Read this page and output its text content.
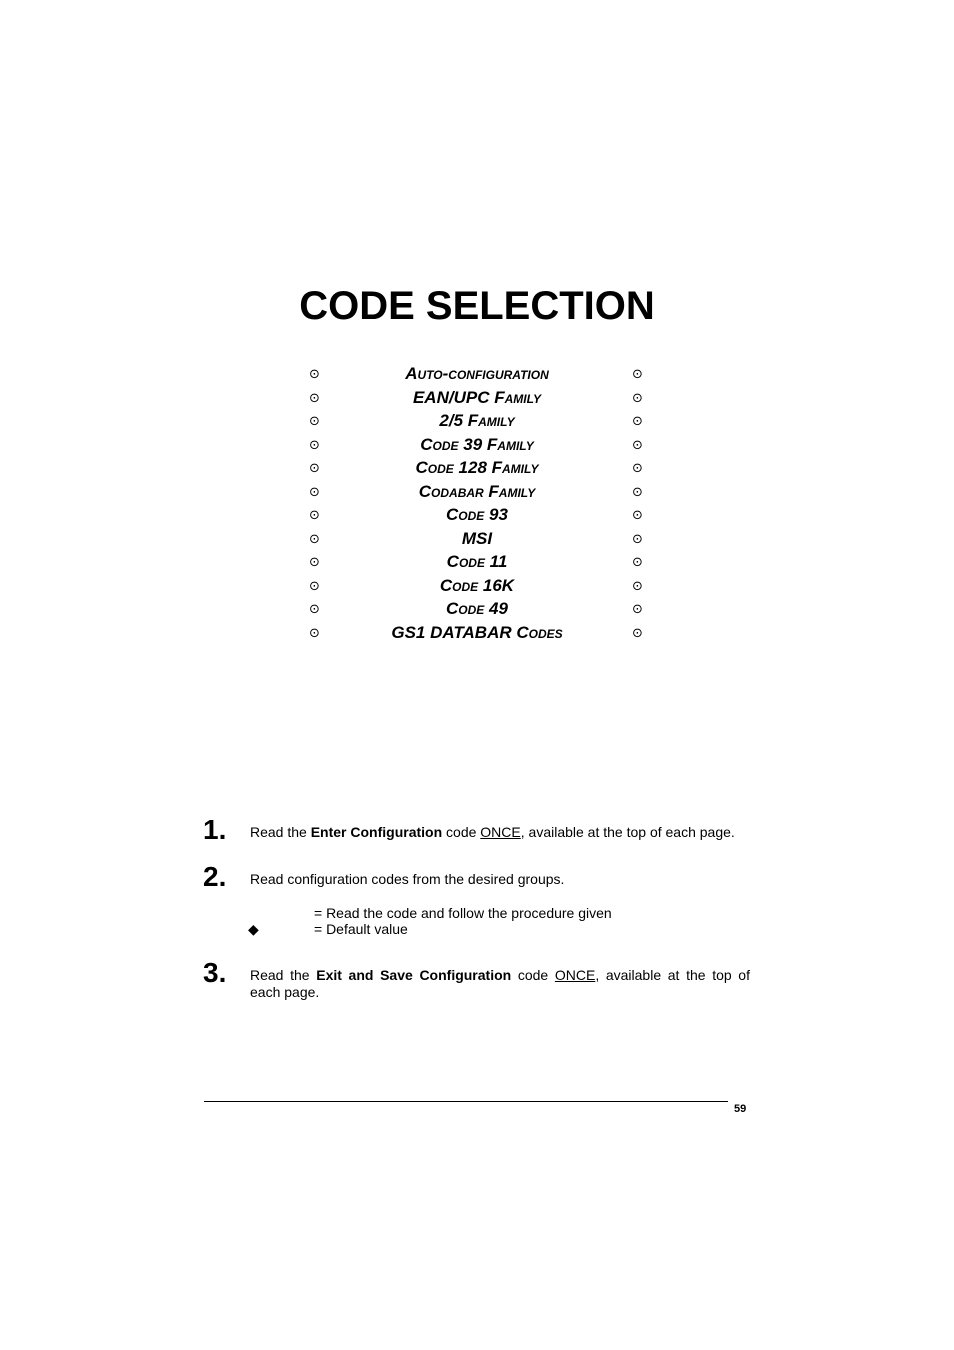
CODE SELECTION
⊙	Auto-configuration	⊙
⊙	EAN/UPC Family	⊙
⊙	2/5 Family	⊙
⊙	Code 39 Family	⊙
⊙	Code 128 Family	⊙
⊙	Codabar Family	⊙
⊙	Code 93	⊙
⊙	MSI	⊙
⊙	Code 11	⊙
⊙	Code 16K	⊙
⊙	Code 49	⊙
⊙	GS1 DATABAR Codes	⊙
1. Read the Enter Configuration code ONCE, available at the top of each page.
2. Read configuration codes from the desired groups.
= Read the code and follow the procedure given
◆	= Default value
3. Read the Exit and Save Configuration code ONCE, available at the top of each page.
59
